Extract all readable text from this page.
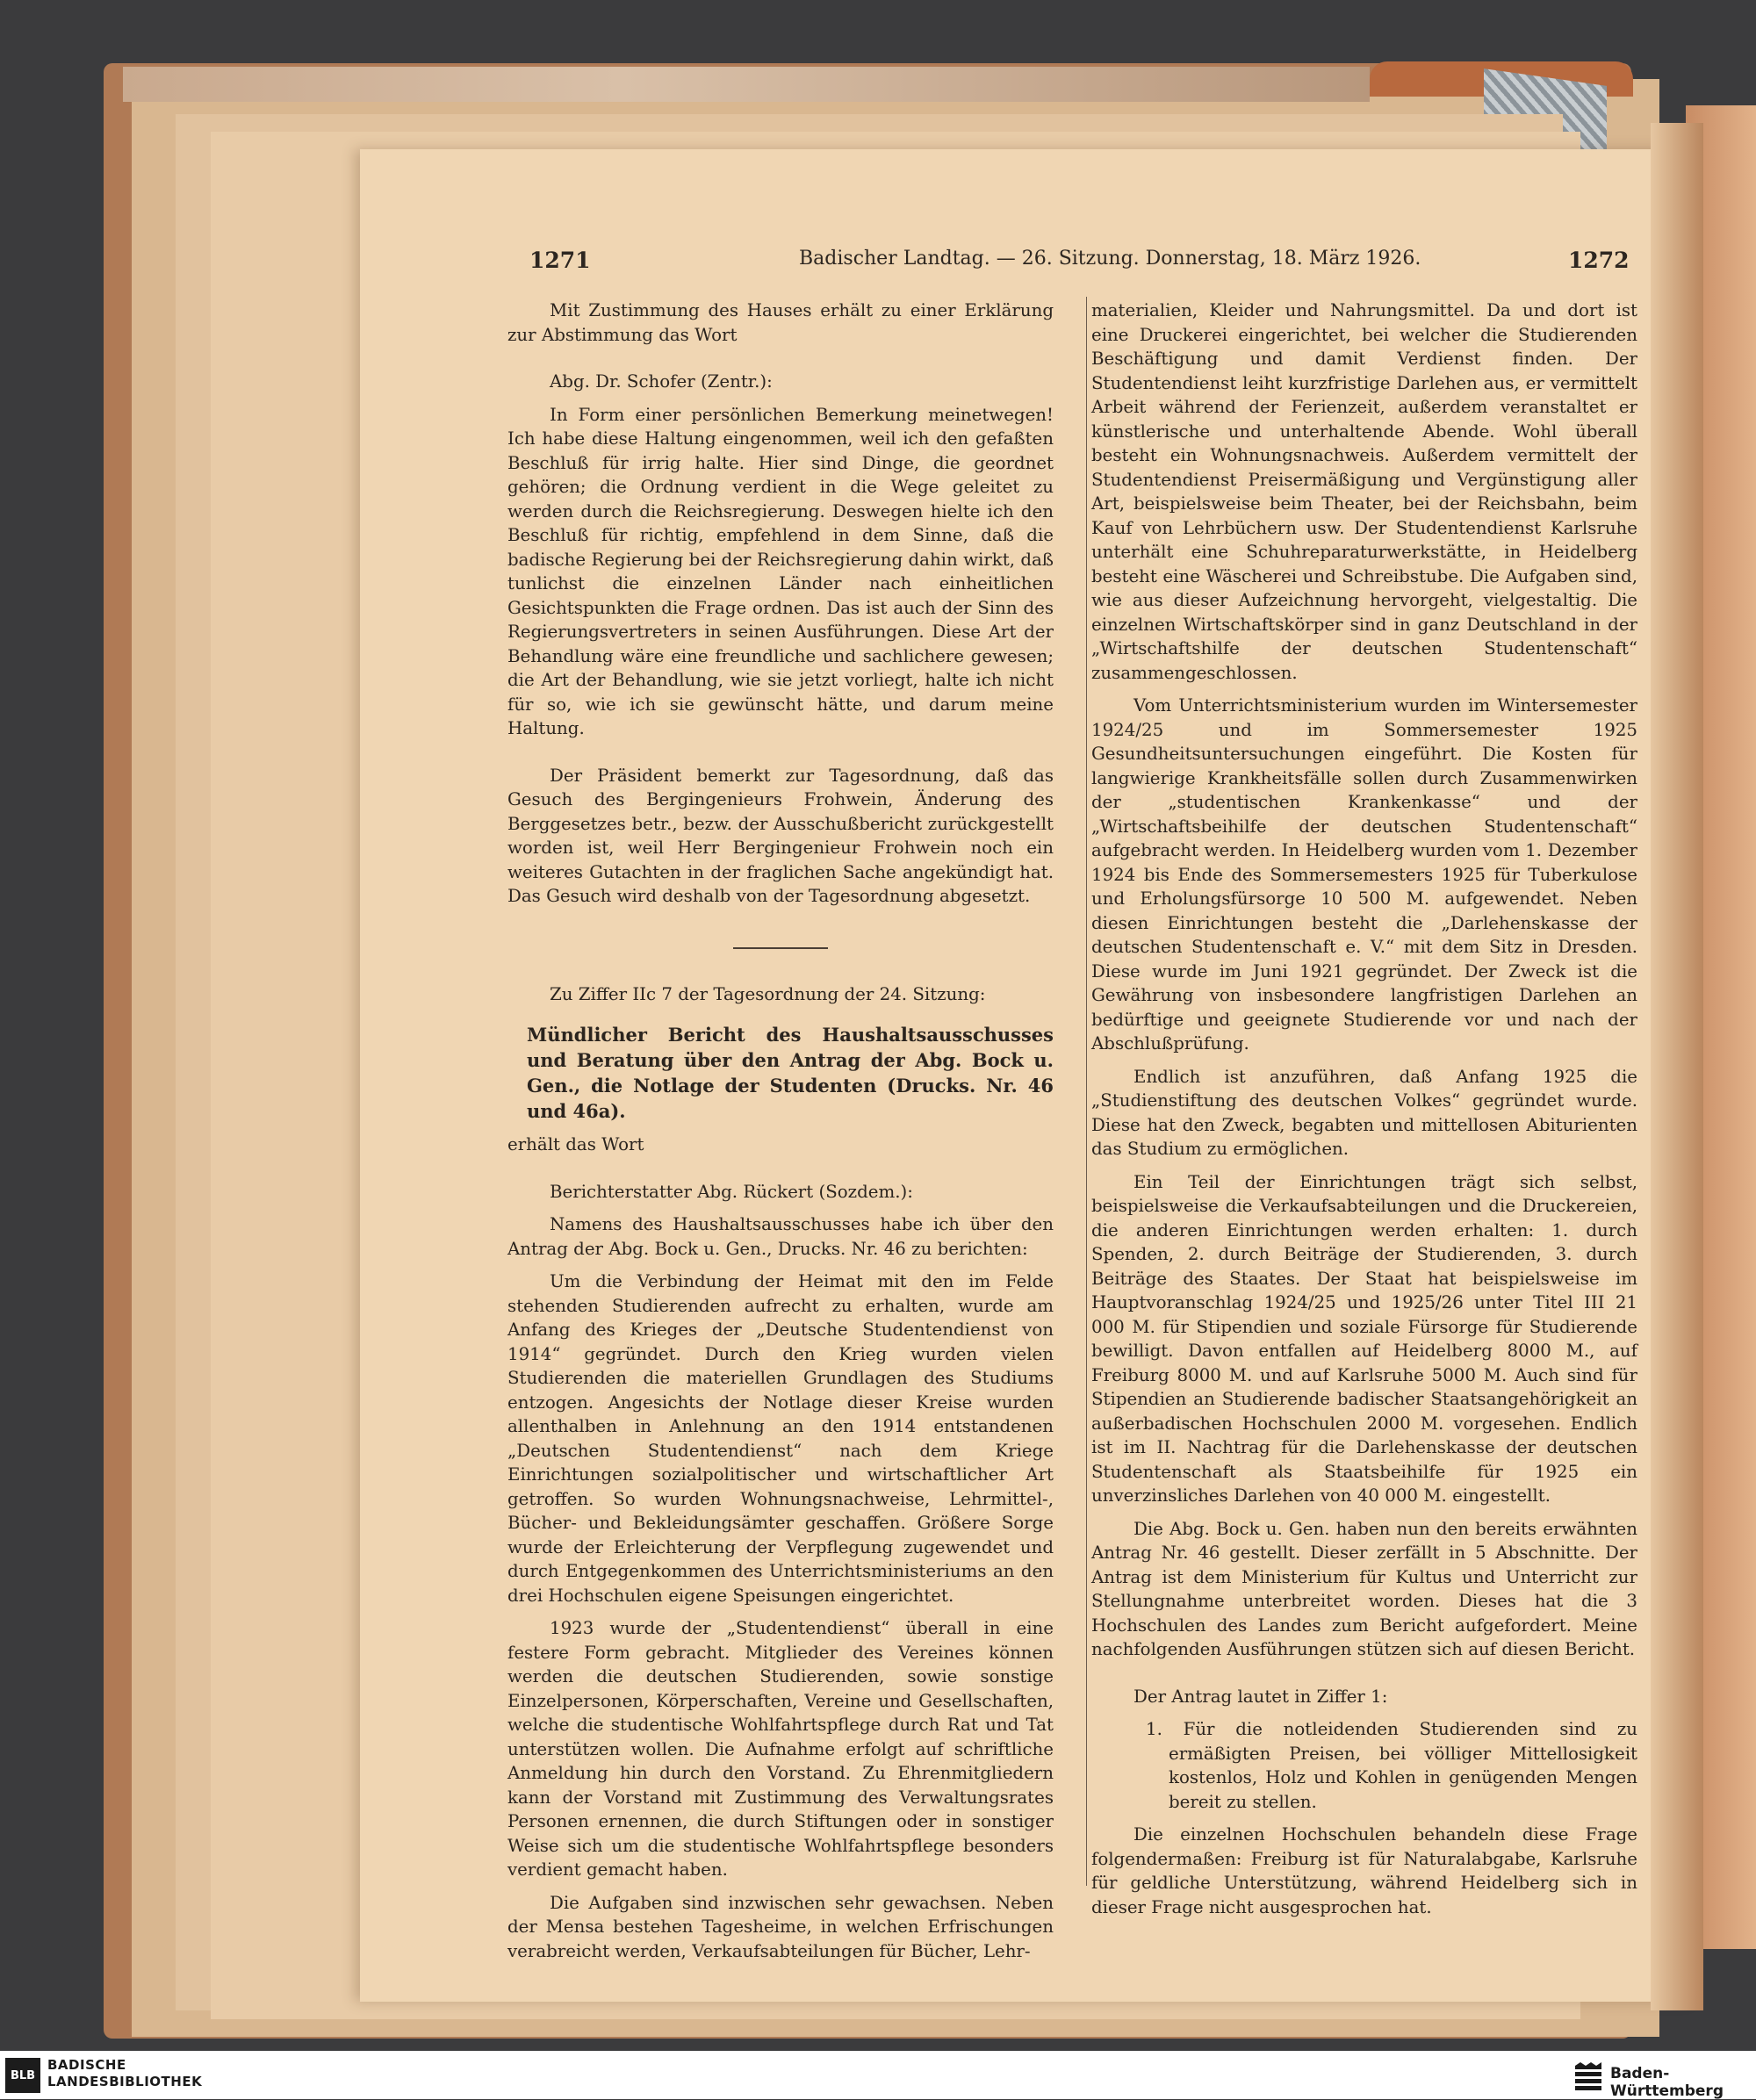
1271	Badischer Landtag. — 26. Sitzung. Donnerstag, 18. März 1926.	1272

Mit Zustimmung des Hauses erhält zu einer Erklärung zur Abstimmung das Wort

Abg. Dr. Schofer (Zentr.):

In Form einer persönlichen Bemerkung meinetwegen! Ich habe diese Haltung eingenommen, weil ich den gefaßten Beschluß für irrig halte. Hier sind Dinge, die geordnet gehören; die Ordnung verdient in die Wege geleitet zu werden durch die Reichsregierung. Deswegen hielte ich den Beschluß für richtig, empfehlend in dem Sinne, daß die badische Regierung bei der Reichsregierung dahin wirkt, daß tunlichst die einzelnen Länder nach einheitlichen Gesichtspunkten die Frage ordnen. Das ist auch der Sinn des Regierungsvertreters in seinen Ausführungen. Diese Art der Behandlung wäre eine freundliche und sachlichere gewesen; die Art der Behandlung, wie sie jetzt vorliegt, halte ich nicht für so, wie ich sie gewünscht hätte, und darum meine Haltung.

Der Präsident bemerkt zur Tagesordnung, daß das Gesuch des Bergingenieurs Frohwein, Änderung des Berggesetzes betr., bezw. der Ausschußbericht zurückgestellt worden ist, weil Herr Bergingenieur Frohwein noch ein weiteres Gutachten in der fraglichen Sache angekündigt hat. Das Gesuch wird deshalb von der Tagesordnung abgesetzt.

Zu Ziffer IIc 7 der Tagesordnung der 24. Sitzung:

Mündlicher Bericht des Haushaltsausschusses und Beratung über den Antrag der Abg. Bock u. Gen., die Notlage der Studenten (Drucks. Nr. 46 und 46a).

erhält das Wort

Berichterstatter Abg. Rückert (Sozdem.):

Namens des Haushaltsausschusses habe ich über den Antrag der Abg. Bock u. Gen., Drucks. Nr. 46 zu berichten:

Um die Verbindung der Heimat mit den im Felde stehenden Studierenden aufrecht zu erhalten, wurde am Anfang des Krieges der „Deutsche Studentendienst von 1914“ gegründet. Durch den Krieg wurden vielen Studierenden die materiellen Grundlagen des Studiums entzogen. Angesichts der Notlage dieser Kreise wurden allenthalben in Anlehnung an den 1914 entstandenen „Deutschen Studentendienst“ nach dem Kriege Einrichtungen sozialpolitischer und wirtschaftlicher Art getroffen. So wurden Wohnungsnachweise, Lehrmittel-, Bücher- und Bekleidungsämter geschaffen. Größere Sorge wurde der Erleichterung der Verpflegung zugewendet und durch Entgegenkommen des Unterrichtsministeriums an den drei Hochschulen eigene Speisungen eingerichtet.

1923 wurde der „Studentendienst“ überall in eine festere Form gebracht. Mitglieder des Vereines können werden die deutschen Studierenden, sowie sonstige Einzelpersonen, Körperschaften, Vereine und Gesellschaften, welche die studentische Wohlfahrtspflege durch Rat und Tat unterstützen wollen. Die Aufnahme erfolgt auf schriftliche Anmeldung hin durch den Vorstand. Zu Ehrenmitgliedern kann der Vorstand mit Zustimmung des Verwaltungsrates Personen ernennen, die durch Stiftungen oder in sonstiger Weise sich um die studentische Wohlfahrtspflege besonders verdient gemacht haben.

Die Aufgaben sind inzwischen sehr gewachsen. Neben der Mensa bestehen Tagesheime, in welchen Erfrischungen verabreicht werden, Verkaufsabteilungen für Bücher, Lehr-

materialien, Kleider und Nahrungsmittel. Da und dort ist eine Druckerei eingerichtet, bei welcher die Studierenden Beschäftigung und damit Verdienst finden. Der Studentendienst leiht kurzfristige Darlehen aus, er vermittelt Arbeit während der Ferienzeit, außerdem veranstaltet er künstlerische und unterhaltende Abende. Wohl überall besteht ein Wohnungsnachweis. Außerdem vermittelt der Studentendienst Preisermäßigung und Vergünstigung aller Art, beispielsweise beim Theater, bei der Reichsbahn, beim Kauf von Lehrbüchern usw. Der Studentendienst Karlsruhe unterhält eine Schuhreparaturwerkstätte, in Heidelberg besteht eine Wäscherei und Schreibstube. Die Aufgaben sind, wie aus dieser Aufzeichnung hervorgeht, vielgestaltig. Die einzelnen Wirtschaftskörper sind in ganz Deutschland in der „Wirtschaftshilfe der deutschen Studentenschaft“ zusammengeschlossen.

Vom Unterrichtsministerium wurden im Wintersemester 1924/25 und im Sommersemester 1925 Gesundheitsuntersuchungen eingeführt. Die Kosten für langwierige Krankheitsfälle sollen durch Zusammenwirken der „studentischen Krankenkasse“ und der „Wirtschaftsbeihilfe der deutschen Studentenschaft“ aufgebracht werden. In Heidelberg wurden vom 1. Dezember 1924 bis Ende des Sommersemesters 1925 für Tuberkulose und Erholungsfürsorge 10 500 M. aufgewendet. Neben diesen Einrichtungen besteht die „Darlehenskasse der deutschen Studentenschaft e. V.“ mit dem Sitz in Dresden. Diese wurde im Juni 1921 gegründet. Der Zweck ist die Gewährung von insbesondere langfristigen Darlehen an bedürftige und geeignete Studierende vor und nach der Abschlußprüfung.

Endlich ist anzuführen, daß Anfang 1925 die „Studienstiftung des deutschen Volkes“ gegründet wurde. Diese hat den Zweck, begabten und mittellosen Abiturienten das Studium zu ermöglichen.

Ein Teil der Einrichtungen trägt sich selbst, beispielsweise die Verkaufsabteilungen und die Druckereien, die anderen Einrichtungen werden erhalten: 1. durch Spenden, 2. durch Beiträge der Studierenden, 3. durch Beiträge des Staates. Der Staat hat beispielsweise im Hauptvoranschlag 1924/25 und 1925/26 unter Titel III 21 000 M. für Stipendien und soziale Fürsorge für Studierende bewilligt. Davon entfallen auf Heidelberg 8000 M., auf Freiburg 8000 M. und auf Karlsruhe 5000 M. Auch sind für Stipendien an Studierende badischer Staatsangehörigkeit an außerbadischen Hochschulen 2000 M. vorgesehen. Endlich ist im II. Nachtrag für die Darlehenskasse der deutschen Studentenschaft als Staatsbeihilfe für 1925 ein unverzinsliches Darlehen von 40 000 M. eingestellt.

Die Abg. Bock u. Gen. haben nun den bereits erwähnten Antrag Nr. 46 gestellt. Dieser zerfällt in 5 Abschnitte. Der Antrag ist dem Ministerium für Kultus und Unterricht zur Stellungnahme unterbreitet worden. Dieses hat die 3 Hochschulen des Landes zum Bericht aufgefordert. Meine nachfolgenden Ausführungen stützen sich auf diesen Bericht.

Der Antrag lautet in Ziffer 1:

1. Für die notleidenden Studierenden sind zu ermäßigten Preisen, bei völliger Mittellosigkeit kostenlos, Holz und Kohlen in genügenden Mengen bereit zu stellen.

Die einzelnen Hochschulen behandeln diese Frage folgendermaßen: Freiburg ist für Naturalabgabe, Karlsruhe für geldliche Unterstützung, während Heidelberg sich in dieser Frage nicht ausgesprochen hat.

BLB
BADISCHE
LANDESBIBLIOTHEK	Baden-Württemberg
